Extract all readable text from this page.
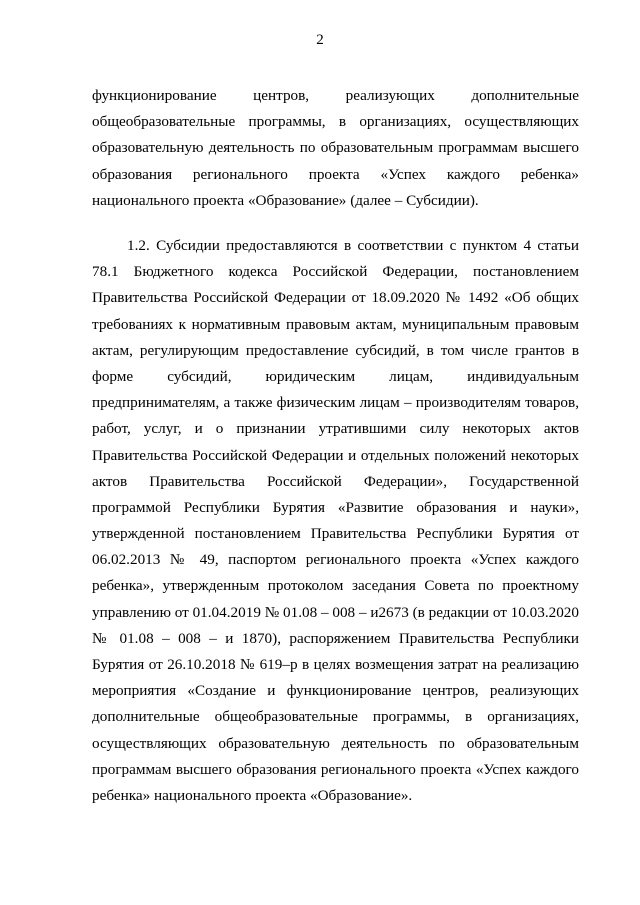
2
функционирование центров, реализующих дополнительные
общеобразовательные программы, в организациях, осуществляющих
образовательную деятельность по образовательным программам высшего
образования регионального проекта «Успех каждого ребенка»
национального проекта «Образование» (далее – Субсидии).
1.2. Субсидии предоставляются в соответствии с пунктом 4 статьи
78.1 Бюджетного кодекса Российской Федерации, постановлением
Правительства Российской Федерации от 18.09.2020 № 1492 «Об общих
требованиях к нормативным правовым актам, муниципальным правовым
актам, регулирующим предоставление субсидий, в том числе грантов в
форме субсидий, юридическим лицам, индивидуальным
предпринимателям, а также физическим лицам – производителям товаров,
работ, услуг, и о признании утратившими силу некоторых актов
Правительства Российской Федерации и отдельных положений некоторых
актов Правительства Российской Федерации», Государственной
программой Республики Бурятия «Развитие образования и науки»,
утвержденной постановлением Правительства Республики Бурятия от
06.02.2013 № 49, паспортом регионального проекта «Успех каждого
ребенка», утвержденным протоколом заседания Совета по проектному
управлению от 01.04.2019 № 01.08 – 008 – и2673 (в редакции от 10.03.2020
№ 01.08 – 008 – и 1870), распоряжением Правительства Республики
Бурятия от 26.10.2018 № 619–р в целях возмещения затрат на реализацию
мероприятия «Создание и функционирование центров, реализующих
дополнительные общеобразовательные программы, в организациях,
осуществляющих образовательную деятельность по образовательным
программам высшего образования регионального проекта «Успех каждого
ребенка» национального проекта «Образование».
